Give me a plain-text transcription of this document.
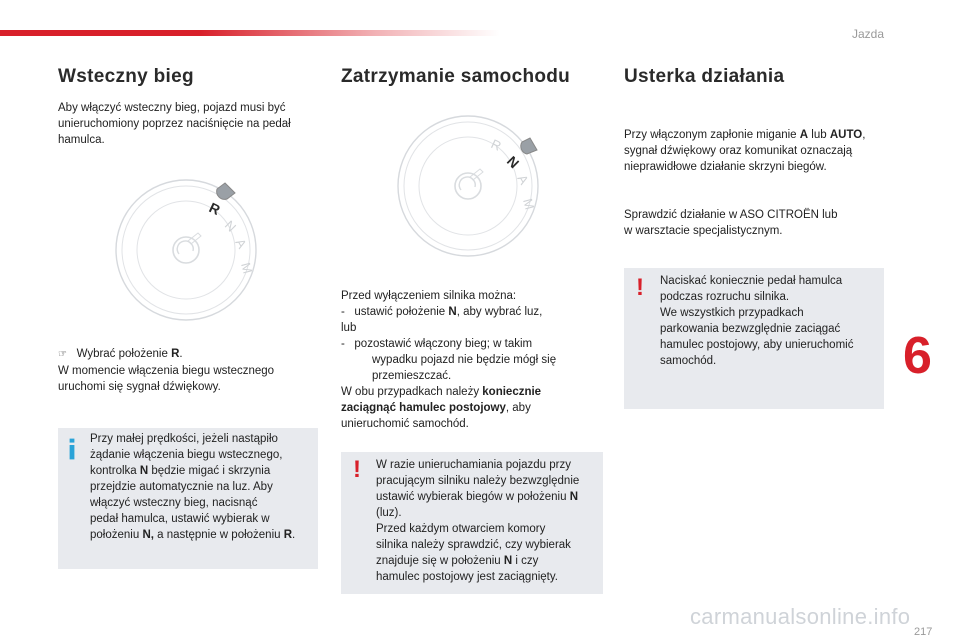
Jazda
6
Wsteczny bieg
Aby włączyć wsteczny bieg, pojazd musi być
unieruchomiony poprzez naciśnięcie na pedał
hamulca.
R
N
A
M
☞ Wybrać położenie R.
W momencie włączenia biegu wstecznego
uruchomi się sygnał dźwiękowy.
Przy małej prędkości, jeżeli nastąpiło
żądanie włączenia biegu wstecznego,
kontrolka N będzie migać i skrzynia
przejdzie automatycznie na luz. Aby
włączyć wsteczny bieg, nacisnąć
pedał hamulca, ustawić wybierak w
położeniu N, a następnie w położeniu R.
Zatrzymanie samochodu
R
N
A
M
Przed wyłączeniem silnika można:
-   ustawić położenie N, aby wybrać luz,
lub
-   pozostawić włączony bieg; w takim
wypadku pojazd nie będzie mógł się
przemieszczać.
W obu przypadkach należy koniecznie
zaciągnąć hamulec postojowy, aby
unieruchomić samochód.
! W razie unieruchamiania pojazdu przy
pracującym silniku należy bezwzględnie
ustawić wybierak biegów w położeniu N
(luz).
Przed każdym otwarciem komory
silnika należy sprawdzić, czy wybierak
znajduje się w położeniu N i czy
hamulec postojowy jest zaciągnięty.
Usterka działania
Przy włączonym zapłonie miganie A lub AUTO,
sygnał dźwiękowy oraz komunikat oznaczają
nieprawidłowe działanie skrzyni biegów.
Sprawdzić działanie w ASO CITROËN lub
w warsztacie specjalistycznym.
! Naciskać koniecznie pedał hamulca
podczas rozruchu silnika.
We wszystkich przypadkach
parkowania bezwzględnie zaciągać
hamulec postojowy, aby unieruchomić
samochód.
carmanualsonline.info
217
